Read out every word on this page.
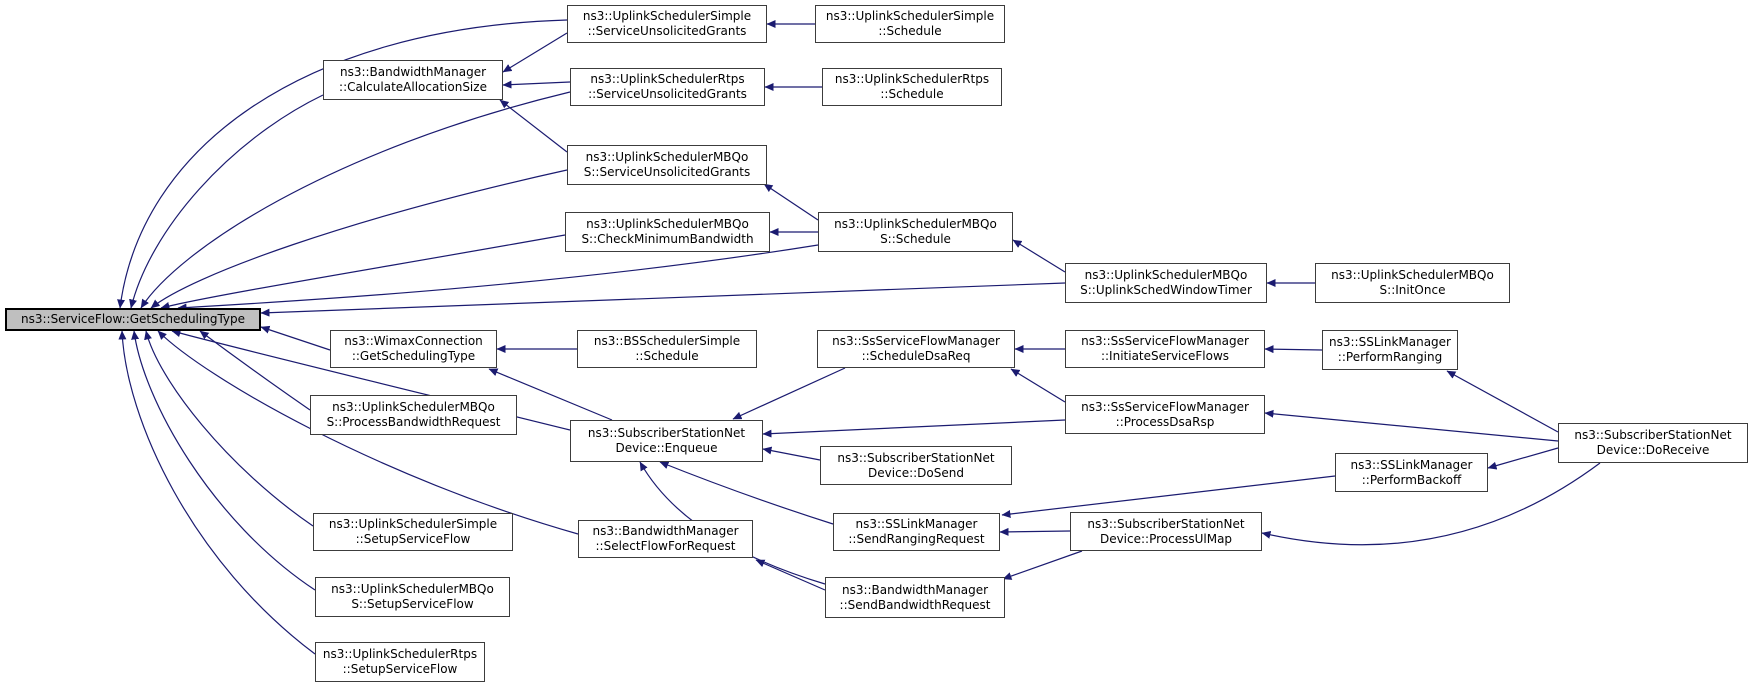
ns3::ServiceFlow::GetSchedulingType
ns3::BandwidthManager
::CalculateAllocationSize
ns3::UplinkSchedulerSimple
::ServiceUnsolicitedGrants
ns3::UplinkSchedulerSimple
::Schedule
ns3::UplinkSchedulerRtps
::ServiceUnsolicitedGrants
ns3::UplinkSchedulerRtps
::Schedule
ns3::UplinkSchedulerMBQo
S::ServiceUnsolicitedGrants
ns3::UplinkSchedulerMBQo
S::CheckMinimumBandwidth
ns3::UplinkSchedulerMBQo
S::Schedule
ns3::UplinkSchedulerMBQo
S::UplinkSchedWindowTimer
ns3::UplinkSchedulerMBQo
S::InitOnce
ns3::WimaxConnection
::GetSchedulingType
ns3::BSSchedulerSimple
::Schedule
ns3::SsServiceFlowManager
::ScheduleDsaReq
ns3::SsServiceFlowManager
::InitiateServiceFlows
ns3::SSLinkManager
::PerformRanging
ns3::UplinkSchedulerMBQo
S::ProcessBandwidthRequest
ns3::SubscriberStationNet
Device::Enqueue
ns3::SubscriberStationNet
Device::DoSend
ns3::SsServiceFlowManager
::ProcessDsaRsp
ns3::SubscriberStationNet
Device::DoReceive
ns3::SSLinkManager
::PerformBackoff
ns3::SSLinkManager
::SendRangingRequest
ns3::SubscriberStationNet
Device::ProcessUlMap
ns3::BandwidthManager
::SendBandwidthRequest
ns3::BandwidthManager
::SelectFlowForRequest
ns3::UplinkSchedulerSimple
::SetupServiceFlow
ns3::UplinkSchedulerMBQo
S::SetupServiceFlow
ns3::UplinkSchedulerRtps
::SetupServiceFlow
